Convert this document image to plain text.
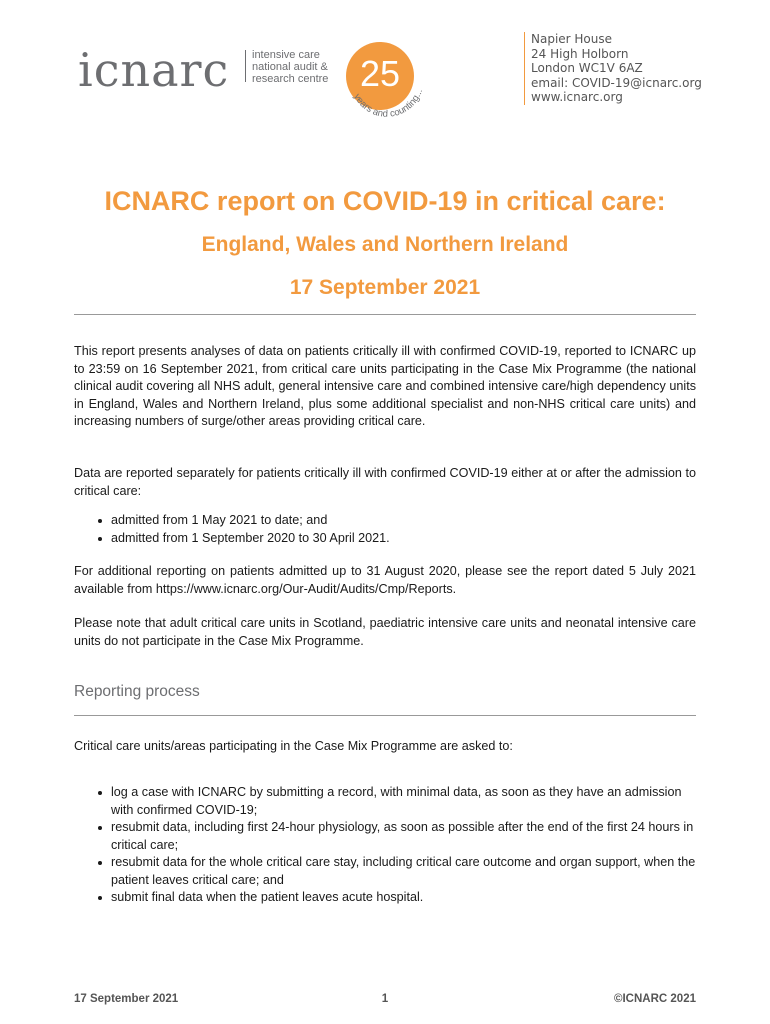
icnarc intensive care
national audit &
research centre 25
years and counting...
Napier House
24 High Holborn
London WC1V 6AZ
email: COVID-19@icnarc.org
www.icnarc.org
ICNARC report on COVID-19 in critical care:
England, Wales and Northern Ireland
17 September 2021
This report presents analyses of data on patients critically ill with confirmed COVID-19, reported to ICNARC up to 23:59 on 16 September 2021, from critical care units participating in the Case Mix Programme (the national clinical audit covering all NHS adult, general intensive care and combined intensive care/high dependency units in England, Wales and Northern Ireland, plus some additional specialist and non-NHS critical care units) and increasing numbers of surge/other areas providing critical care.
Data are reported separately for patients critically ill with confirmed COVID-19 either at or after the admission to critical care:
admitted from 1 May 2021 to date; and
admitted from 1 September 2020 to 30 April 2021.
For additional reporting on patients admitted up to 31 August 2020, please see the report dated 5 July 2021 available from https://www.icnarc.org/Our-Audit/Audits/Cmp/Reports.
Please note that adult critical care units in Scotland, paediatric intensive care units and neonatal intensive care units do not participate in the Case Mix Programme.
Reporting process
Critical care units/areas participating in the Case Mix Programme are asked to:
log a case with ICNARC by submitting a record, with minimal data, as soon as they have an admission with confirmed COVID-19;
resubmit data, including first 24-hour physiology, as soon as possible after the end of the first 24 hours in critical care;
resubmit data for the whole critical care stay, including critical care outcome and organ support, when the patient leaves critical care; and
submit final data when the patient leaves acute hospital.
17 September 2021	1	©ICNARC 2021
